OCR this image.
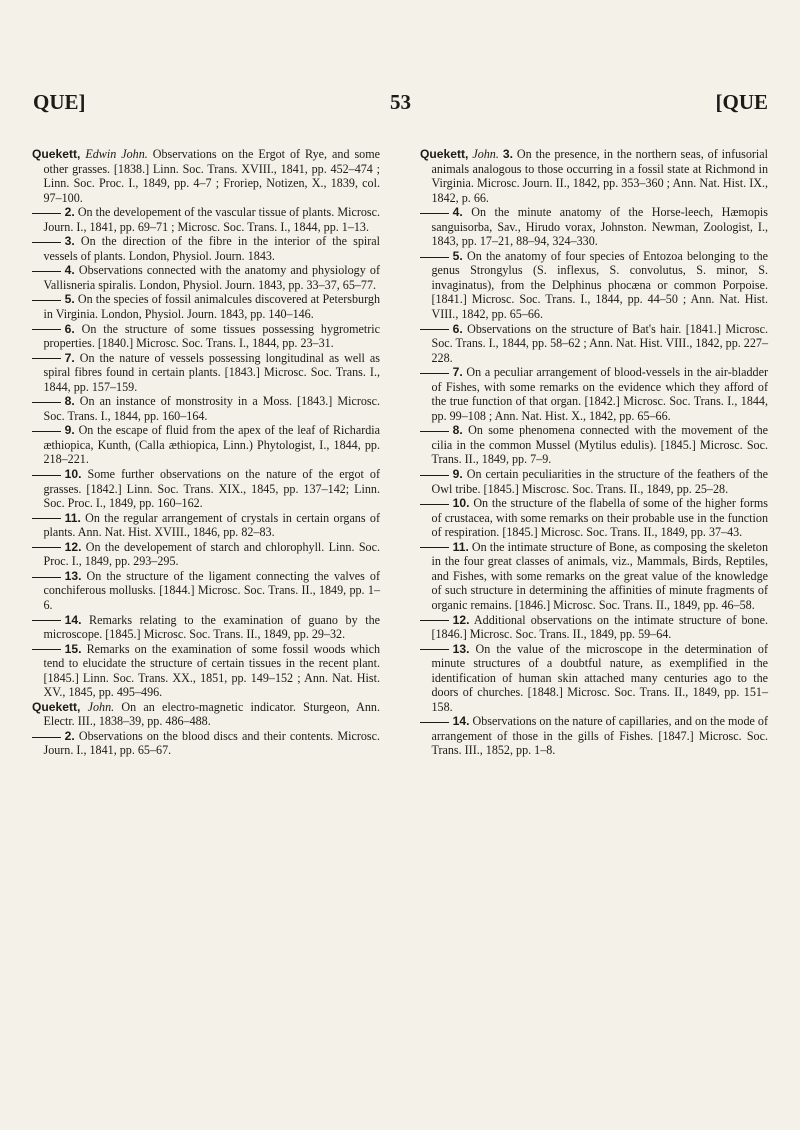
QUE]	53	[QUE
Quekett, Edwin John. Observations on the Ergot of Rye, and some other grasses. [1838.] Linn. Soc. Trans. XVIII., 1841, pp. 452–474 ; Linn. Soc. Proc. I., 1849, pp. 4–7 ; Froriep, Notizen, X., 1839, col. 97–100.
2. On the developement of the vascular tissue of plants. Microsc. Journ. I., 1841, pp. 69–71 ; Microsc. Soc. Trans. I., 1844, pp. 1–13.
3. On the direction of the fibre in the interior of the spiral vessels of plants. London, Physiol. Journ. 1843.
4. Observations connected with the anatomy and physiology of Vallisneria spiralis. London, Physiol. Journ. 1843, pp. 33–37, 65–77.
5. On the species of fossil animalcules discovered at Petersburgh in Virginia. London, Physiol. Journ. 1843, pp. 140–146.
6. On the structure of some tissues possessing hygrometric properties. [1840.] Microsc. Soc. Trans. I., 1844, pp. 23–31.
7. On the nature of vessels possessing longitudinal as well as spiral fibres found in certain plants. [1843.] Microsc. Soc. Trans. I., 1844, pp. 157–159.
8. On an instance of monstrosity in a Moss. [1843.] Microsc. Soc. Trans. I., 1844, pp. 160–164.
9. On the escape of fluid from the apex of the leaf of Richardia æthiopica, Kunth, (Calla æthiopica, Linn.) Phytologist, I., 1844, pp. 218–221.
10. Some further observations on the nature of the ergot of grasses. [1842.] Linn. Soc. Trans. XIX., 1845, pp. 137–142; Linn. Soc. Proc. I., 1849, pp. 160–162.
11. On the regular arrangement of crystals in certain organs of plants. Ann. Nat. Hist. XVIII., 1846, pp. 82–83.
12. On the developement of starch and chlorophyll. Linn. Soc. Proc. I., 1849, pp. 293–295.
13. On the structure of the ligament connecting the valves of conchiferous mollusks. [1844.] Microsc. Soc. Trans. II., 1849, pp. 1–6.
14. Remarks relating to the examination of guano by the microscope. [1845.] Microsc. Soc. Trans. II., 1849, pp. 29–32.
15. Remarks on the examination of some fossil woods which tend to elucidate the structure of certain tissues in the recent plant. [1845.] Linn. Soc. Trans. XX., 1851, pp. 149–152 ; Ann. Nat. Hist. XV., 1845, pp. 495–496.
Quekett, John. On an electro-magnetic indicator. Sturgeon, Ann. Electr. III., 1838–39, pp. 486–488.
2. Observations on the blood discs and their contents. Microsc. Journ. I., 1841, pp. 65–67.
Quekett, John. 3. On the presence, in the northern seas, of infusorial animals analogous to those occurring in a fossil state at Richmond in Virginia. Microsc. Journ. II., 1842, pp. 353–360 ; Ann. Nat. Hist. IX., 1842, p. 66.
4. On the minute anatomy of the Horse-leech, Hæmopis sanguisorba, Sav., Hirudo vorax, Johnston. Newman, Zoologist, I., 1843, pp. 17–21, 88–94, 324–330.
5. On the anatomy of four species of Entozoa belonging to the genus Strongylus (S. inflexus, S. convolutus, S. minor, S. invaginatus), from the Delphinus phocæna or common Porpoise. [1841.] Microsc. Soc. Trans. I., 1844, pp. 44–50 ; Ann. Nat. Hist. VIII., 1842, pp. 65–66.
6. Observations on the structure of Bat's hair. [1841.] Microsc. Soc. Trans. I., 1844, pp. 58–62 ; Ann. Nat. Hist. VIII., 1842, pp. 227–228.
7. On a peculiar arrangement of blood-vessels in the air-bladder of Fishes, with some remarks on the evidence which they afford of the true function of that organ. [1842.] Microsc. Soc. Trans. I., 1844, pp. 99–108 ; Ann. Nat. Hist. X., 1842, pp. 65–66.
8. On some phenomena connected with the movement of the cilia in the common Mussel (Mytilus edulis). [1845.] Microsc. Soc. Trans. II., 1849, pp. 7–9.
9. On certain peculiarities in the structure of the feathers of the Owl tribe. [1845.] Miscrosc. Soc. Trans. II., 1849, pp. 25–28.
10. On the structure of the flabella of some of the higher forms of crustacea, with some remarks on their probable use in the function of respiration. [1845.] Microsc. Soc. Trans. II., 1849, pp. 37–43.
11. On the intimate structure of Bone, as composing the skeleton in the four great classes of animals, viz., Mammals, Birds, Reptiles, and Fishes, with some remarks on the great value of the knowledge of such structure in determining the affinities of minute fragments of organic remains. [1846.] Microsc. Soc. Trans. II., 1849, pp. 46–58.
12. Additional observations on the intimate structure of bone. [1846.] Microsc. Soc. Trans. II., 1849, pp. 59–64.
13. On the value of the microscope in the determination of minute structures of a doubtful nature, as exemplified in the identification of human skin attached many centuries ago to the doors of churches. [1848.] Microsc. Soc. Trans. II., 1849, pp. 151–158.
14. Observations on the nature of capillaries, and on the mode of arrangement of those in the gills of Fishes. [1847.] Microsc. Soc. Trans. III., 1852, pp. 1–8.
